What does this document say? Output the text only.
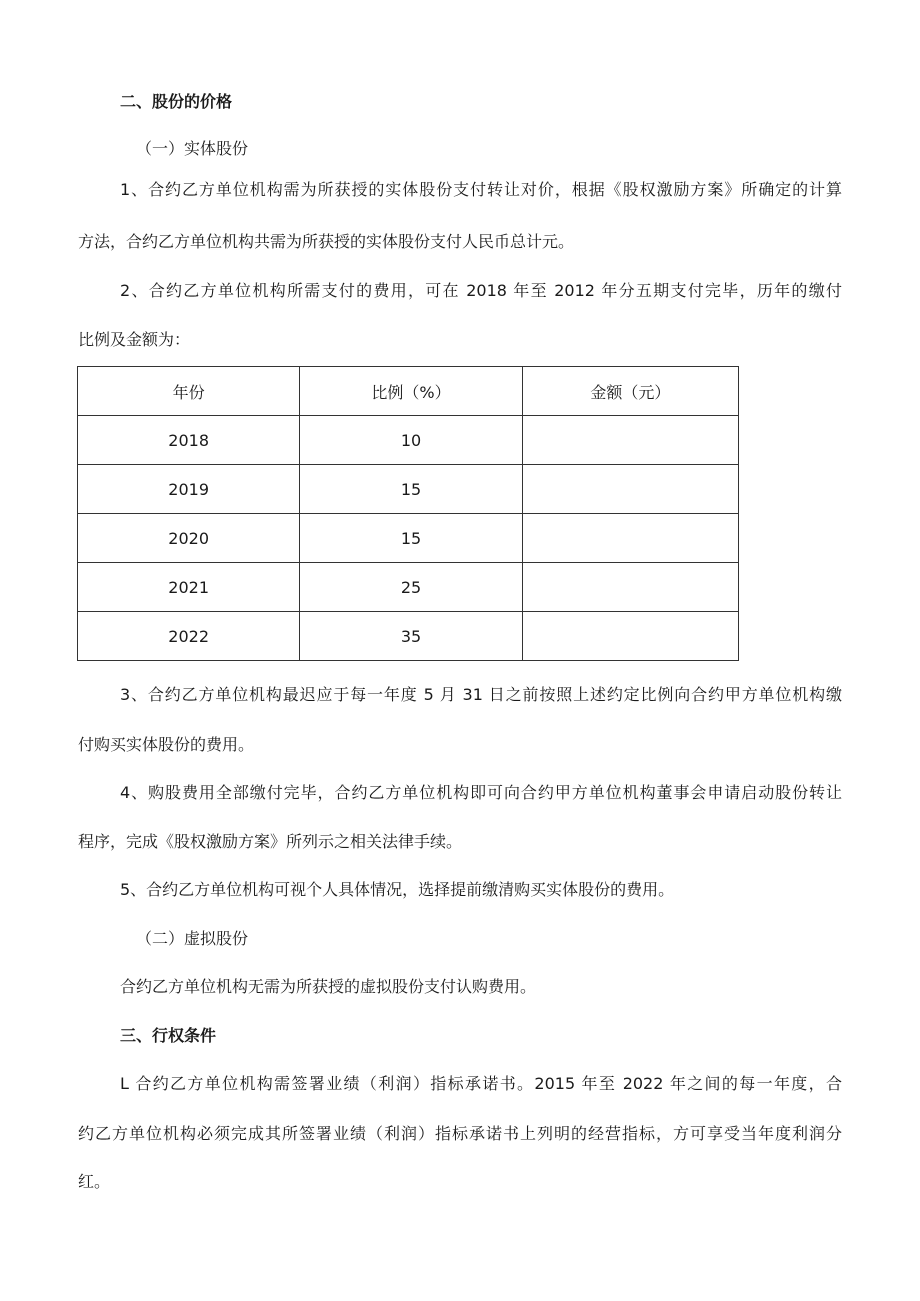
二、股份的价格
（一）实体股份
1、合约乙方单位机构需为所获授的实体股份支付转让对价，根据《股权激励方案》所确定的计算
方法，合约乙方单位机构共需为所获授的实体股份支付人民币总计元。
2、合约乙方单位机构所需支付的费用，可在 2018 年至 2012 年分五期支付完毕，历年的缴付
比例及金额为：
年份	比例（%）	金额（元）
2018	10	
2019	15	
2020	15	
2021	25	
2022	35	
3、合约乙方单位机构最迟应于每一年度 5 月 31 日之前按照上述约定比例向合约甲方单位机构缴
付购买实体股份的费用。
4、购股费用全部缴付完毕，合约乙方单位机构即可向合约甲方单位机构董事会申请启动股份转让
程序，完成《股权激励方案》所列示之相关法律手续。
5、合约乙方单位机构可视个人具体情况，选择提前缴清购买实体股份的费用。
（二）虚拟股份
合约乙方单位机构无需为所获授的虚拟股份支付认购费用。
三、行权条件
L 合约乙方单位机构需签署业绩（利润）指标承诺书。2015 年至 2022 年之间的每一年度，合
约乙方单位机构必须完成其所签署业绩（利润）指标承诺书上列明的经营指标，方可享受当年度利润分
红。
